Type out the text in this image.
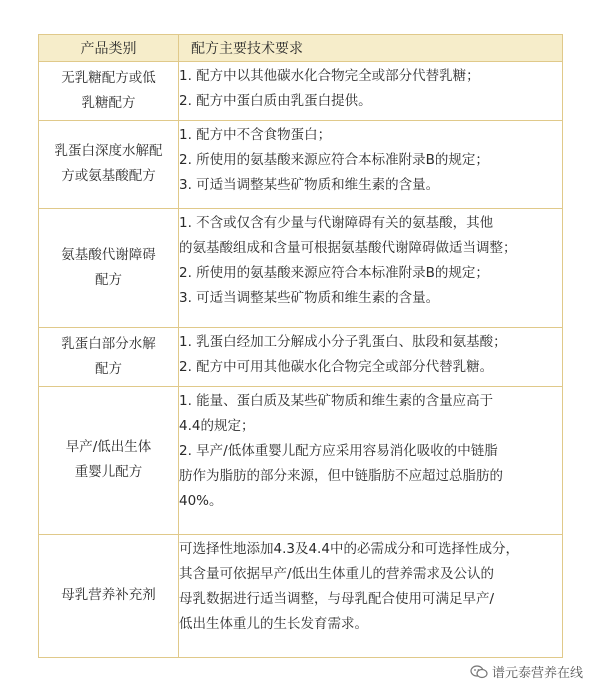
产品类别	配方主要技术要求

无乳糖配方或低
乳糖配方	1. 配方中以其他碳水化合物完全或部分代替乳糖；
2. 配方中蛋白质由乳蛋白提供。

乳蛋白深度水解配
方或氨基酸配方	1. 配方中不含食物蛋白；
2. 所使用的氨基酸来源应符合本标准附录B的规定；
3. 可适当调整某些矿物质和维生素的含量。

氨基酸代谢障碍
配方	1. 不含或仅含有少量与代谢障碍有关的氨基酸，其他
的氨基酸组成和含量可根据氨基酸代谢障碍做适当调整；
2. 所使用的氨基酸来源应符合本标准附录B的规定；
3. 可适当调整某些矿物质和维生素的含量。

乳蛋白部分水解
配方	1. 乳蛋白经加工分解成小分子乳蛋白、肽段和氨基酸；
2. 配方中可用其他碳水化合物完全或部分代替乳糖。

早产/低出生体
重婴儿配方	1. 能量、蛋白质及某些矿物质和维生素的含量应高于
4.4的规定；
2. 早产/低体重婴儿配方应采用容易消化吸收的中链脂
肪作为脂肪的部分来源，但中链脂肪不应超过总脂肪的
40%。

母乳营养补充剂	可选择性地添加4.3及4.4中的必需成分和可选择性成分，
其含量可依据早产/低出生体重儿的营养需求及公认的
母乳数据进行适当调整，与母乳配合使用可满足早产/
低出生体重儿的生长发育需求。
谱元泰营养在线
